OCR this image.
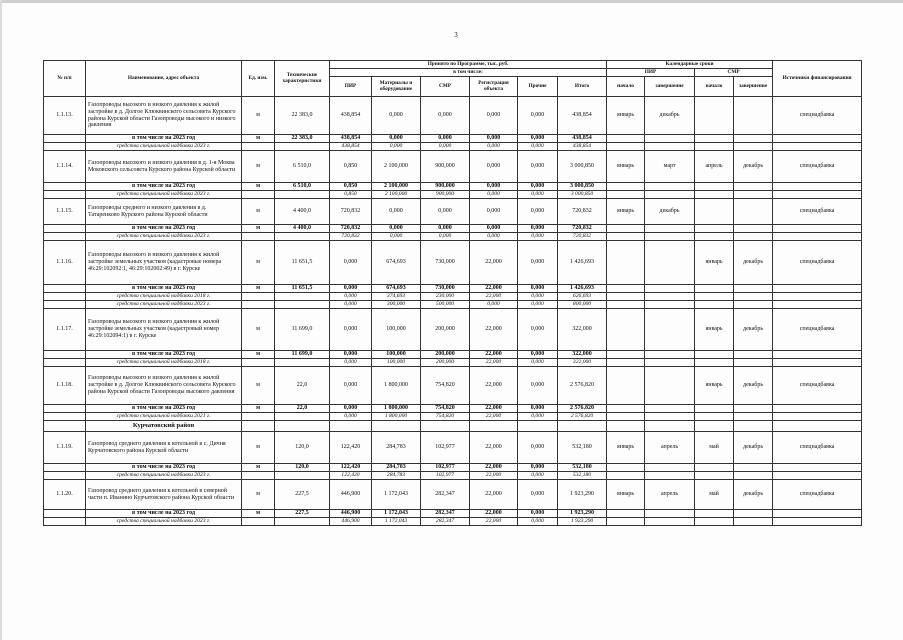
3
№ п/п	Наименование, адрес объекта	Ед. изм.	Технические характеристики	Принято по Программе, тыс. руб.						Календарные сроки				Источники финансирования
				в том числе:						ПИР		СМР		
				ПИР	Материалы и оборудование	СМР	Регистрация объекта	Прочие	Итого	начало	завершение	начало	завершение	
1.1.13.	Газопроводы высокого и низкого давления к жилой застройке в д. Долгое Клюквинского сельсовета Курского района Курской области Газопроводы высокого и низкого давления	м	22 383,0	438,854	0,000	0,000	0,000	0,000	438,854	январь	декабрь			спецнадбавка
	в том числе на 2023 год	м	22 383,0	438,854	0,000	0,000	0,000	0,000	438,854					
	средства специальной надбавки 2023 г.			438,854	0,000	0,000	0,000	0,000	438,854					
1.1.14.	Газопроводы высокого и низкого давления в д. 1-я Моква Моковского сельсовета Курского района Курской области	м	6 510,0	0,850	2 100,000	900,000	0,000	0,000	3 000,850	январь	март	апрель	декабрь	спецнадбавка
	в том числе на 2023 год	м	6 510,0	0,850	2 100,000	900,000	0,000	0,000	3 000,850					
	средства специальной надбавки 2023 г.			0,850	2 100,000	900,000	0,000	0,000	3 000,850					
1.1.15.	Газопроводы среднего и низкого давления в д. Татаренково Курского района Курской области	м	4 400,0	720,832	0,000	0,000	0,000	0,000	720,832	январь	декабрь			спецнадбавка
	в том числе на 2023 год	м	4 400,0	720,832	0,000	0,000	0,000	0,000	720,832					
	средства специальной надбавки 2023 г.			720,832	0,000	0,000	0,000	0,000	720,832					
1.1.16.	Газопроводы высокого и низкого давления к жилой застройке земельных участков (кадастровые номера 46:29:102092:1, 46:29:102002:49) в г. Курске	м	11 651,5	0,000	674,693	730,000	22,000	0,000	1 426,693			январь	декабрь	спецнадбавка
	в том числе на 2023 год	м	11 651,5	0,000	674,693	730,000	22,000	0,000	1 426,693					
	средства специальной надбавки 2018 г.			0,000	374,693	230,000	22,000	0,000	626,693					
	средства специальной надбавки 2023 г.			0,000	300,000	500,000	0,000	0,000	800,000					
1.1.17.	Газопроводы высокого и низкого давления к жилой застройке земельных участков (кадастровый номер 46:29:102094:1) в г. Курске	м	11 699,0	0,000	100,000	200,000	22,000	0,000	322,000			январь	декабрь	спецнадбавка
	в том числе на 2023 год	м	11 699,0	0,000	100,000	200,000	22,000	0,000	322,000					
	средства специальной надбавки 2018 г.			0,000	100,000	200,000	22,000	0,000	322,000					
1.1.18.	Газопроводы высокого и низкого давления к жилой застройке в д. Долгое Клюквинского сельсовета Курского района Курской области Газопроводы высокого давления	м	22,0	0,000	1 800,000	754,820	22,000	0,000	2 576,820			январь	декабрь	спецнадбавка
	в том числе на 2023 год	м	22,0	0,000	1 800,000	754,820	22,000	0,000	2 576,820					
	средства специальной надбавки 2021 г.			0,000	1 800,000	754,820	22,000	0,000	2 576,820					
	Курчатовский район													
1.1.19.	Газопровод среднего давления к котельной в с. Дичня Курчатовского района Курской области	м	120,0	122,420	284,783	102,977	22,000	0,000	532,180	январь	апрель	май	декабрь	спецнадбавка
	в том числе на 2023 год	м	120,0	122,420	284,783	102,977	22,000	0,000	532,180					
	средства специальной надбавки 2023 г.			122,420	284,783	102,977	22,000	0,000	532,180					
1.1.20.	Газопровод среднего давления к котельной в северной части п. Иванино Курчатовского района Курской области	м	227,5	446,900	1 172,043	282,347	22,000	0,000	1 923,290	январь	апрель	май	декабрь	спецнадбавка
	в том числе на 2023 год	м	227,5	446,900	1 172,043	282,347	22,000	0,000	1 923,290					
	средства специальной надбавки 2023 г.			446,900	1 172,043	282,347	22,000	0,000	1 923,290					
